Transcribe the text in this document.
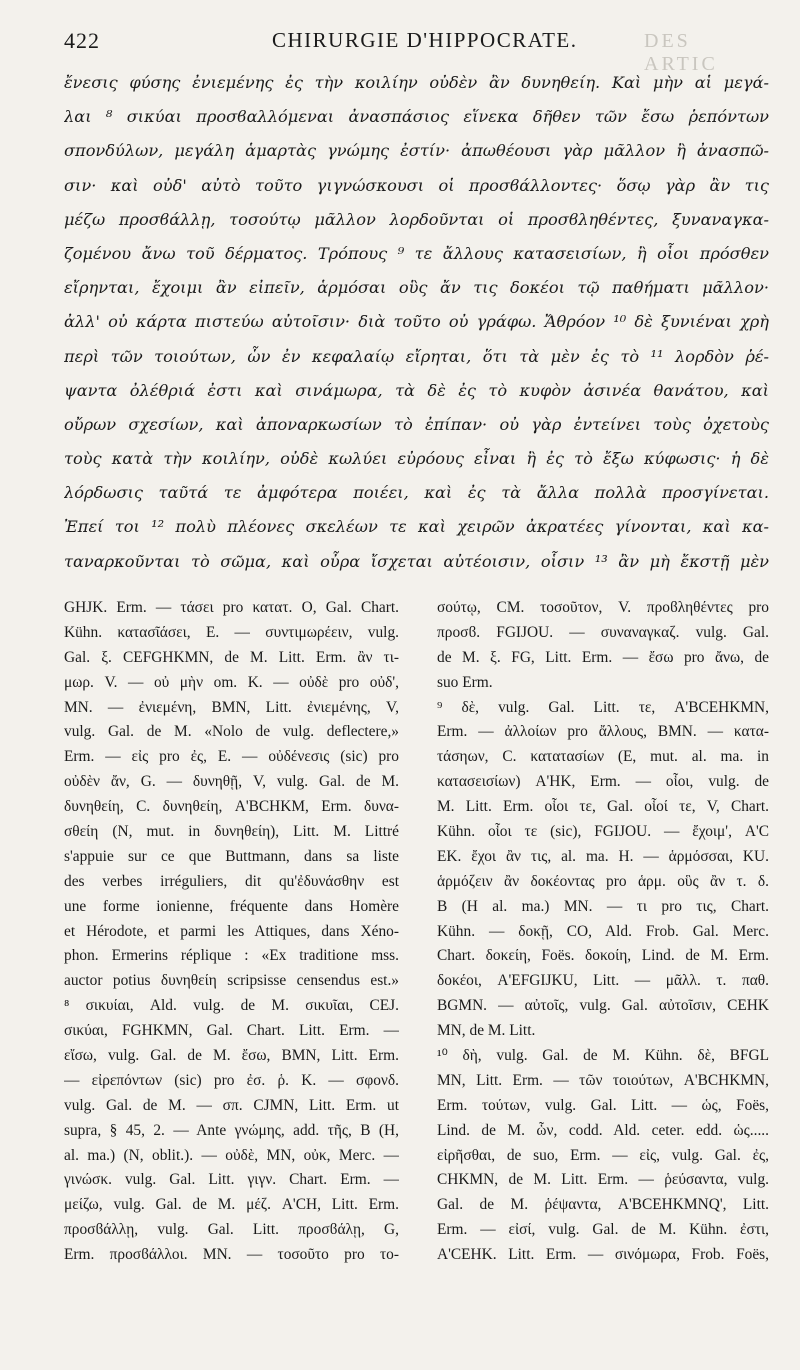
422	CHIRURGIE D'HIPPOCRATE.	DES ARTIC
ἔνεσις φύσης ἐνιεμένης ἐς τὴν κοιλίην οὐδὲν ἂν δυνηθείη. Καὶ μὴν αἱ μεγά-
λαι ⁸ σικύαι προσϐαλλόμεναι ἀνασπάσιος εἵνεκα δῆθεν τῶν ἔσω ῥεπόντων
σπονδύλων, μεγάλη ἁμαρτὰς γνώμης ἐστίν· ἀπωθέουσι γὰρ μᾶλλον ἢ ἀνασπῶ-
σιν· καὶ οὐδ' αὐτὸ τοῦτο γιγνώσκουσι οἱ προσϐάλλοντες· ὅσῳ γὰρ ἂν τις
μέζω προσϐάλλῃ, τοσούτῳ μᾶλλον λορδοῦνται οἱ προσϐληθέντες, ξυναναγκα-
ζομένου ἄνω τοῦ δέρματος. Τρόπους ⁹ τε ἄλλους κατασεισίων, ἢ οἷοι πρόσθεν
εἴρηνται, ἔχοιμι ἂν εἰπεῖν, ἁρμόσαι οὓς ἄν τις δοκέοι τῷ παθήματι μᾶλλον·
ἀλλ' οὐ κάρτα πιστεύω αὐτοῖσιν· διὰ τοῦτο οὐ γράφω. Ἄθρόον ¹⁰ δὲ ξυνιέναι χρὴ
περὶ τῶν τοιούτων, ὧν ἐν κεφαλαίῳ εἴρηται, ὅτι τὰ μὲν ἐς τὸ ¹¹ λορδὸν ῥέ-
ψαντα ὀλέθριά ἐστι καὶ σινάμωρα, τὰ δὲ ἐς τὸ κυφὸν ἀσινέα θανάτου, καὶ
οὔρων σχεσίων, καὶ ἀποναρκωσίων τὸ ἐπίπαν· οὐ γὰρ ἐντείνει τοὺς ὀχετοὺς
τοὺς κατὰ τὴν κοιλίην, οὐδὲ κωλύει εὐρόους εἶναι ἢ ἐς τὸ ἔξω κύφωσις· ἡ δὲ
λόρδωσις ταῦτά τε ἀμφότερα ποιέει, καὶ ἐς τὰ ἄλλα πολλὰ προσγίνεται.
Ἐπεί τοι ¹² πολὺ πλέονες σκελέων τε καὶ χειρῶν ἀκρατέες γίνονται, καὶ κα-
ταναρκοῦνται τὸ σῶμα, καὶ οὖρα ἴσχεται αὐτέοισιν, οἷσιν ¹³ ἂν μὴ ἔκστῇ μὲν
GHJK. Erm. — τάσει pro κατατ. O, Gal. Chart.
Kühn. κατασῖάσει, E. — συντιμωρέειν, vulg.
Gal. ξ. CEFGHKMN, de M. Litt. Erm. ἂν τι-
μωρ. V. — οὐ μὴν om. K. — οὐδὲ pro οὐδ',
MN. — ἐνιεμένη, BMN, Litt. ἐνιεμένης, V,
vulg. Gal. de M. «Nolo de vulg. deflectere,»
Erm. — εἰς pro ἐς, E. — οὐδένεσις (sic) pro
οὐδὲν ἄν, G. — δυνηθῇ, V, vulg. Gal. de M.
δυνηθείη, C. δυνηθείη, A'BCHKM, Erm. δυνα-
σθείη (N, mut. in δυνηθείη), Litt. M. Littré
s'appuie sur ce que Buttmann, dans sa liste
des verbes irréguliers, dit qu'ἐδυνάσθην est
une forme ionienne, fréquente dans Homère
et Hérodote, et parmi les Attiques, dans Xéno-
phon. Ermerins réplique : «Ex traditione mss.
auctor potius δυνηθείη scripsisse censendus est.»
⁸ σικυίαι, Ald. vulg. de M. σικυῖαι, CEJ.
σικύαι, FGHKMN, Gal. Chart. Litt. Erm. —
εἴσω, vulg. Gal. de M. ἔσω, BMN, Litt. Erm.
— εἰρεπόντων (sic) pro ἐσ. ῥ. K. — σφονδ.
vulg. Gal. de M. — σπ. CJMN, Litt. Erm. ut
supra, § 45, 2. — Ante γνώμης, add. τῆς, B (H,
al. ma.) (N, oblit.). — οὐδὲ, MN, οὐκ, Merc. —
γινώσκ. vulg. Gal. Litt. γιγν. Chart. Erm. —
μείζω, vulg. Gal. de M. μέζ. A'CH, Litt. Erm.
προσϐάλλῃ, vulg. Gal. Litt. προσϐάλῃ, G,
Erm. προσϐάλλοι. MN. — τοσοῦτο pro το-
σούτῳ, CM. τοσοῦτον, V. προϐληθέντες pro
προσϐ. FGIJOU. — συναναγκαζ. vulg. Gal.
de M. ξ. FG, Litt. Erm. — ἔσω pro ἄνω, de
suo Erm.
⁹ δὲ, vulg. Gal. Litt. τε, A'BCEHKMN,
Erm. — ἀλλοίων pro ἄλλους, BMN. — κατα-
τάσηων, C. κατατασίων (E, mut. al. ma. in
κατασεισίων) A'HK, Erm. — οἷοι, vulg. de
M. Litt. Erm. οἷοι τε, Gal. οἷοί τε, V, Chart.
Kühn. οἷοι τε (sic), FGIJOU. — ἔχοιμ', A'C
EK. ἔχοι ἂν τις, al. ma. H. — ἁρμόσσαι, KU.
ἁρμόζειν ἂν δοκέοντας pro ἁρμ. οὓς ἂν τ. δ.
B (H al. ma.) MN. — τι pro τις, Chart.
Kühn. — δοκῇ, CO, Ald. Frob. Gal. Merc.
Chart. δοκείη, Foës. δοκοίη, Lind. de M. Erm.
δοκέοι, A'EFGIJKU, Litt. — μᾶλλ. τ. παθ.
BGMN. — αὐτοῖς, vulg. Gal. αὐτοῖσιν, CEHK
MN, de M. Litt.
¹⁰ δὴ, vulg. Gal. de M. Kühn. δὲ, BFGL
MN, Litt. Erm. — τῶν τοιούτων, A'BCHKMN,
Erm. τούτων, vulg. Gal. Litt. — ὡς, Foës,
Lind. de M. ὧν, codd. Ald. ceter. edd. ὡς.....
εἰρῆσθαι, de suo, Erm. — εἰς, vulg. Gal. ἐς,
CHKMN, de M. Litt. Erm. — ῥεύσαντα, vulg.
Gal. de M. ῥέψαντα, A'BCEHKMNQ', Litt.
Erm. — εἰσί, vulg. Gal. de M. Kühn. ἐστι,
A'CEHK. Litt. Erm. — σινόμωρα, Frob. Foës,
